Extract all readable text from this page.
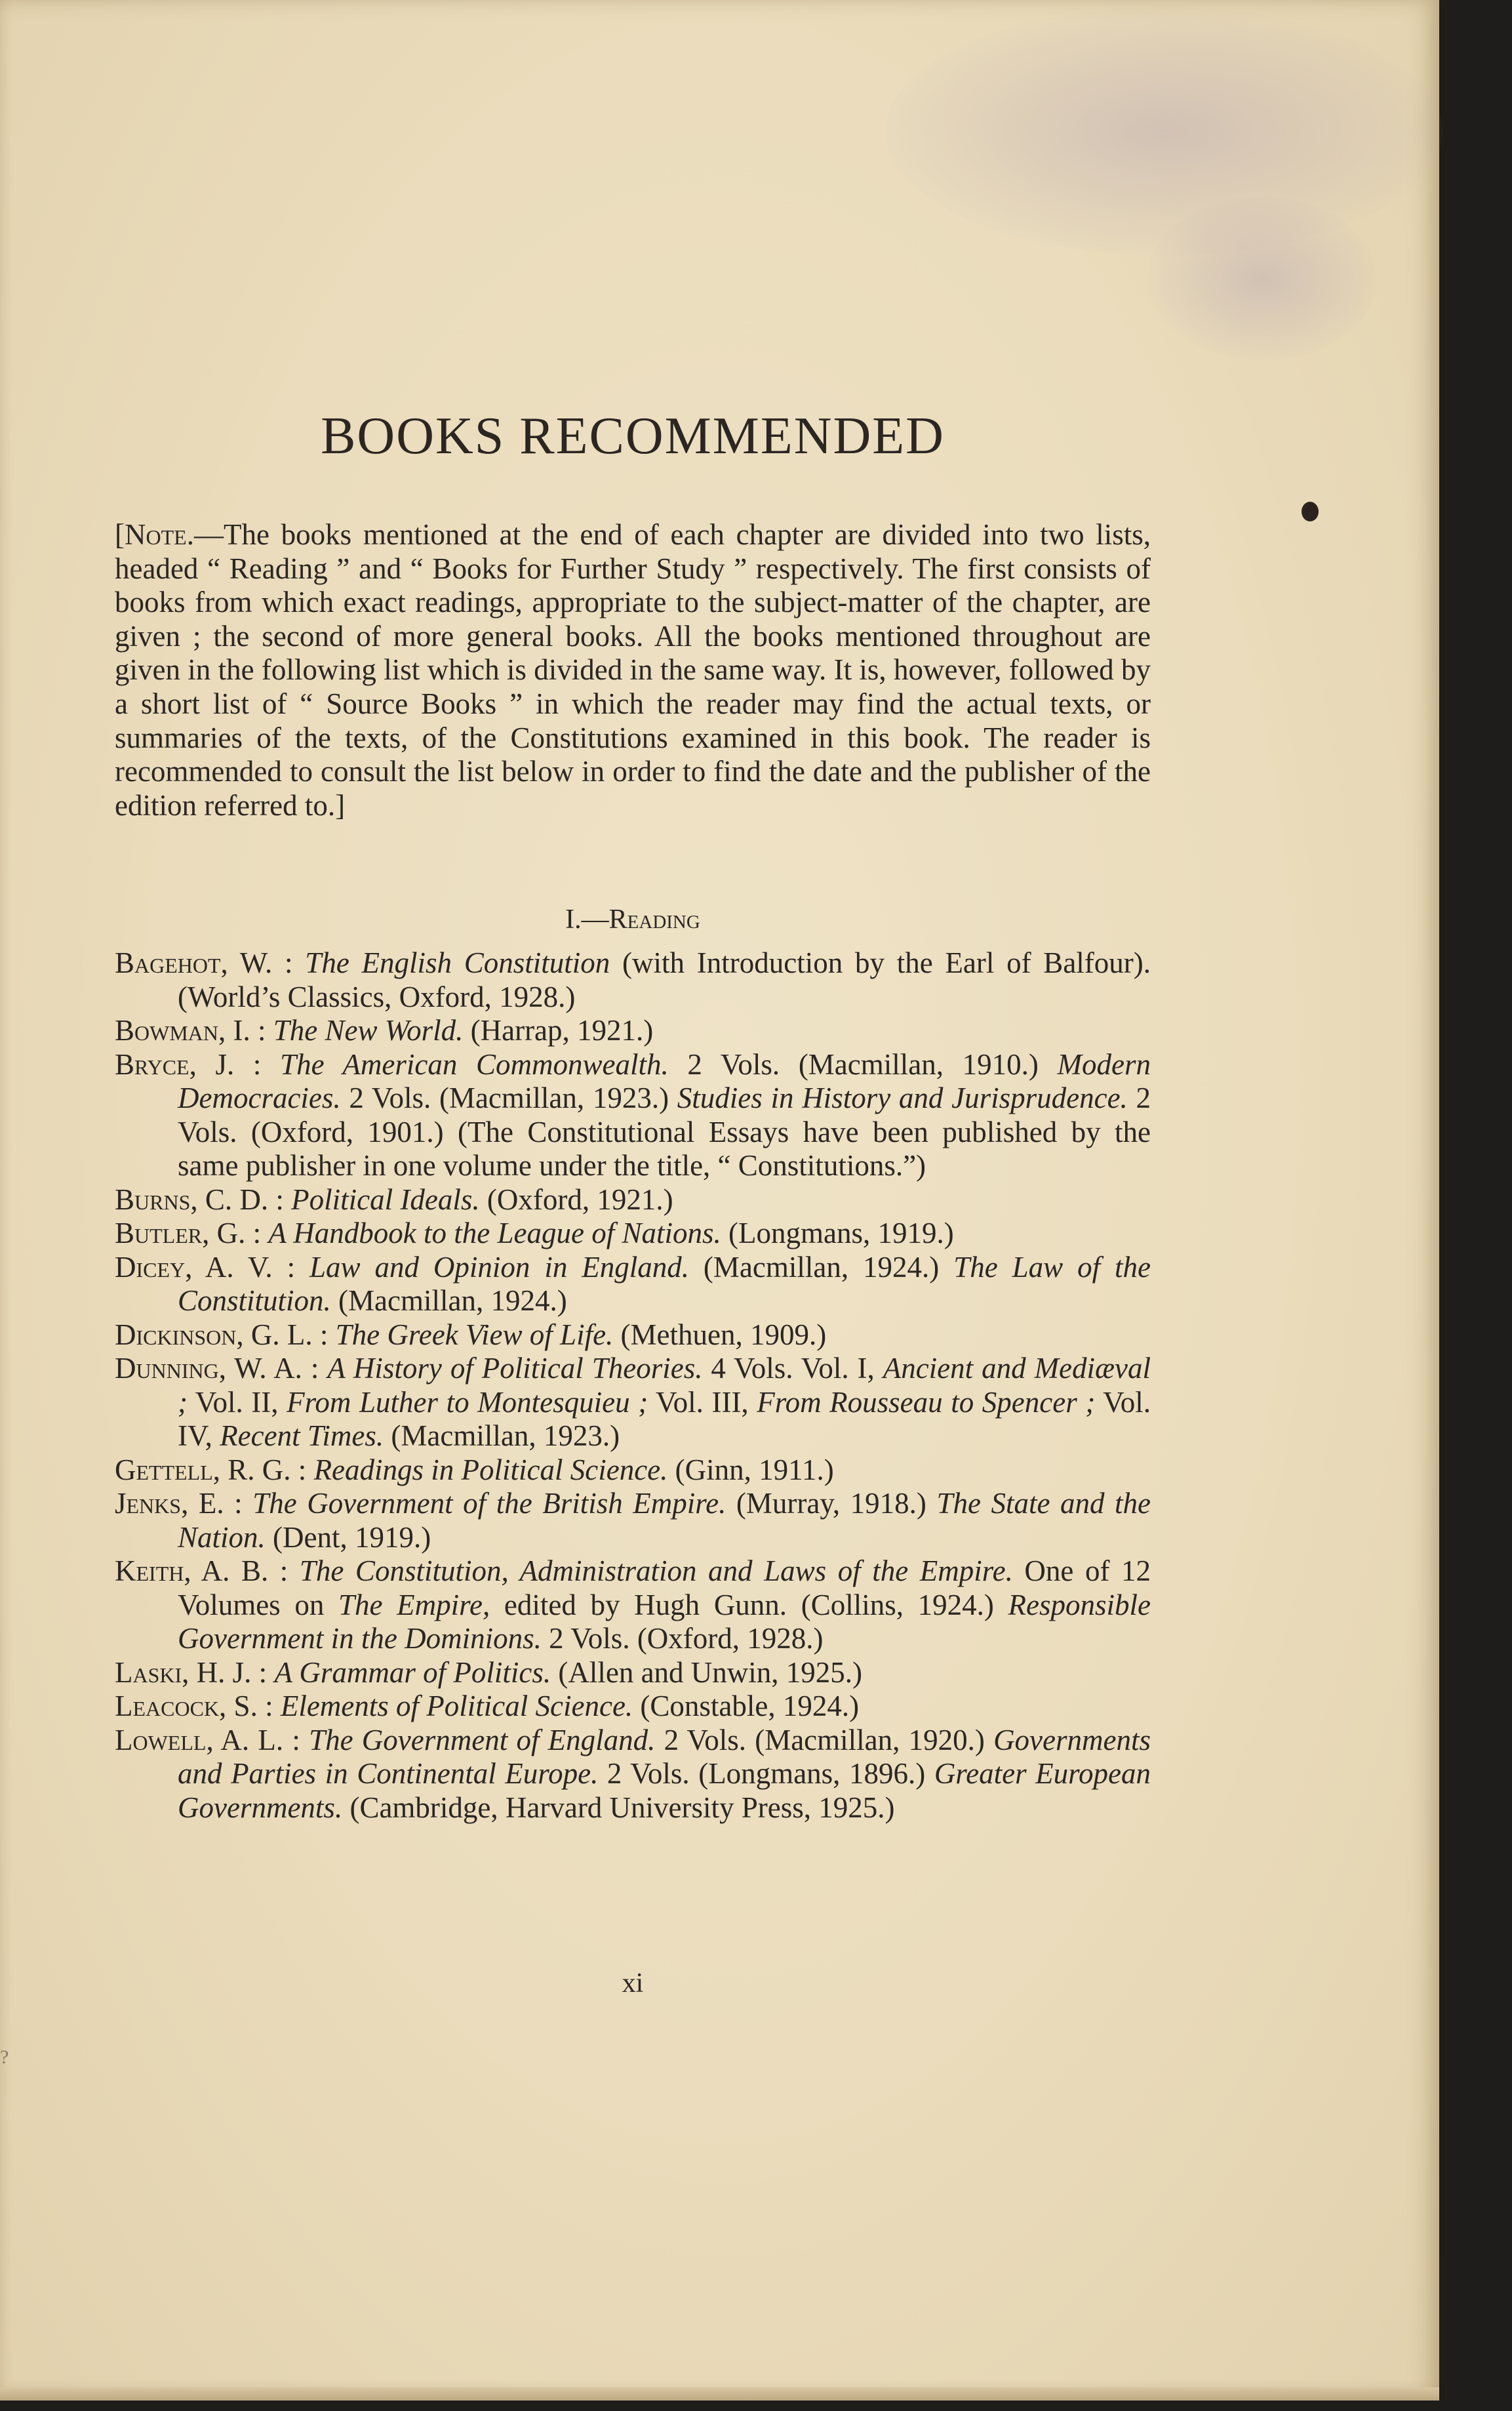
BOOKS RECOMMENDED
[Note.—The books mentioned at the end of each chapter are divided into two lists, headed “ Reading ” and “ Books for Further Study ” respectively. The first consists of books from which exact readings, appropriate to the subject-matter of the chapter, are given ; the second of more general books. All the books mentioned throughout are given in the following list which is divided in the same way. It is, however, followed by a short list of “ Source Books ” in which the reader may find the actual texts, or summaries of the texts, of the Constitutions examined in this book. The reader is recommended to consult the list below in order to find the date and the publisher of the edition referred to.]
I.—Reading

Bagehot, W. : The English Constitution (with Introduction by the Earl of Balfour). (World’s Classics, Oxford, 1928.)

Bowman, I. : The New World. (Harrap, 1921.)

Bryce, J. : The American Commonwealth. 2 Vols. (Macmillan, 1910.) Modern Democracies. 2 Vols. (Macmillan, 1923.) Studies in History and Jurisprudence. 2 Vols. (Oxford, 1901.) (The Constitutional Essays have been published by the same publisher in one volume under the title, “ Constitutions.”)

Burns, C. D. : Political Ideals. (Oxford, 1921.)

Butler, G. : A Handbook to the League of Nations. (Longmans, 1919.)

Dicey, A. V. : Law and Opinion in England. (Macmillan, 1924.) The Law of the Constitution. (Macmillan, 1924.)

Dickinson, G. L. : The Greek View of Life. (Methuen, 1909.)

Dunning, W. A. : A History of Political Theories. 4 Vols. Vol. I, Ancient and Mediæval ; Vol. II, From Luther to Montesquieu ; Vol. III, From Rousseau to Spencer ; Vol. IV, Recent Times. (Macmillan, 1923.)

Gettell, R. G. : Readings in Political Science. (Ginn, 1911.)

Jenks, E. : The Government of the British Empire. (Murray, 1918.) The State and the Nation. (Dent, 1919.)

Keith, A. B. : The Constitution, Administration and Laws of the Empire. One of 12 Volumes on The Empire, edited by Hugh Gunn. (Collins, 1924.) Responsible Government in the Dominions. 2 Vols. (Oxford, 1928.)

Laski, H. J. : A Grammar of Politics. (Allen and Unwin, 1925.)

Leacock, S. : Elements of Political Science. (Constable, 1924.)

Lowell, A. L. : The Government of England. 2 Vols. (Macmillan, 1920.) Governments and Parties in Continental Europe. 2 Vols. (Longmans, 1896.) Greater European Governments. (Cambridge, Harvard University Press, 1925.)

xi
?
